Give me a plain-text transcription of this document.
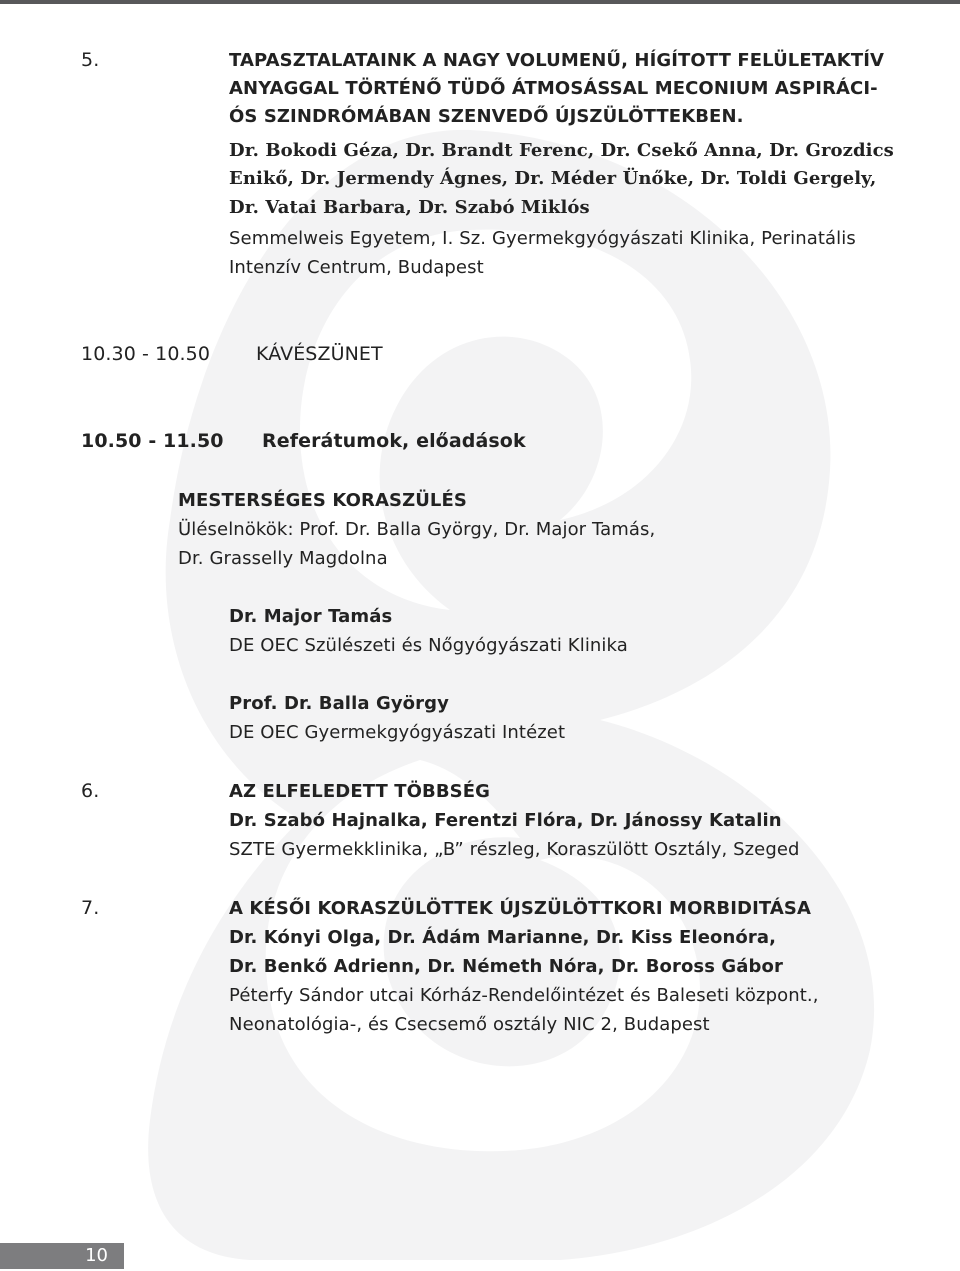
5.	TAPASZTALATAINK A NAGY VOLUMENŰ, HÍGÍTOTT FELÜLETAKTÍV
ANYAGGAL TÖRTÉNŐ TÜDŐ ÁTMOSÁSSAL MECONIUM ASPIRÁCI-
ÓS SZINDRÓMÁBAN SZENVEDŐ ÚJSZÜLÖTTEKBEN.
Dr. Bokodi Géza, Dr. Brandt Ferenc, Dr. Csekő Anna, Dr. Grozdics
Enikő, Dr. Jermendy Ágnes, Dr. Méder Ünőke, Dr. Toldi Gergely,
Dr. Vatai Barbara, Dr. Szabó Miklós
Semmelweis Egyetem, I. Sz. Gyermekgyógyászati Klinika, Perinatális
Intenzív Centrum, Budapest
10.30 - 10.50 KÁVÉSZÜNET
10.50 - 11.50 Referátumok, előadások
MESTERSÉGES KORASZÜLÉS
Üléselnökök: Prof. Dr. Balla György, Dr. Major Tamás,
Dr. Grasselly Magdolna
Dr. Major Tamás
DE OEC Szülészeti és Nőgyógyászati Klinika
Prof. Dr. Balla György
DE OEC Gyermekgyógyászati Intézet
6.	AZ ELFELEDETT TÖBBSÉG
Dr. Szabó Hajnalka, Ferentzi Flóra, Dr. Jánossy Katalin
SZTE Gyermekklinika, „B” részleg, Koraszülött Osztály, Szeged
7.	A KÉSŐI KORASZÜLÖTTEK ÚJSZÜLÖTTKORI MORBIDITÁSA
Dr. Kónyi Olga, Dr. Ádám Marianne, Dr. Kiss Eleonóra,
Dr. Benkő Adrienn, Dr. Németh Nóra, Dr. Boross Gábor
Péterfy Sándor utcai Kórház-Rendelőintézet és Baleseti központ.,
Neonatológia-, és Csecsemő osztály NIC 2, Budapest
10
